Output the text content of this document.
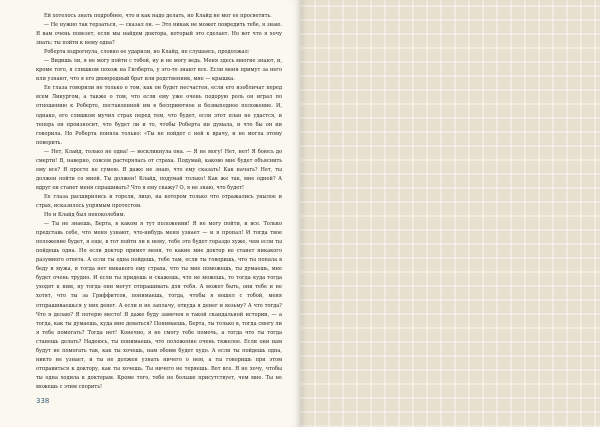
Ей хотелось знать подробнее, что и как надо делать, но Клайд не мог ее просветить.

— Не нужно так терзаться, — сказал он. — Это никак не может повредить тебе, я знаю. Я вам очень повезет, если мы найдем доктора, который это сделает. Но вот что я хочу знать: ты пойти к нему одна?

Роберта вздрогнула, словно ее ударили, но Клайд, не слушаясь, продолжал:

— Видишь ли, я не могу пойти с тобой, ну и не могу ведь. Меня здесь многие знают, и, кроме того, я слишком похож на Гилберта, у эго-то знают все. Если меня примут за него или узнают, что я его двоюродный брат или родственник, мне — крышка.

Ее глаза говорили не только о том, как он будет несчастен, если его изобличат перед всем Ликургом, а также о том, что если ему уже очень подорую роль он играл по отношению к Роберте, поставленной им в бесприютное и безвыходное положение. И, однако, его слишком мучил страх перед тем, что будет, если этот план не удастся, и теперь он произносит, что будет ли и то, чтобы Роберта ни думала, и что бы он ни говорила. Но Роберта поняла только: «Ты не пойдет с ней к врачу, и не могла этому поверить.

— Нет, Клайд, только не одна! — воскликнула она. — Я не могу! Нет, нет! Я боюсь до смерти! Я, наверно, совсем растерялась от страха. Подумай, каково мне будет объяснить ему все? Я просто не сумею. Я даже не знаю, что ему сказать! Как начать? Нет, ты должен пойти со мной. Ты должен! Клайд, подумай только! Как же так, мне одной? А вдруг он станет меня спрашивать? Что я ему скажу? О, я не знаю, что будет!

Ее глаза расширились и горели, лицо, на котором только что отражались унылое и страх, исказилось упрямым протестом.

Но и Клайд был непоколебим.

— Ты не знаешь, Берта, в каком я тут положении! Я не могу пойти, и все. Только представь себе, что меня узнают, что-нибудь меня узнает — и я пропал! И тогда твое положение будет, я еще, в тот пойти ли к нему, тебе это будет гораздо хуже, чем если ты пойдешь одна. Но если доктор примет меня, то какие мне доктор не станет никакого разумного ответа. А если ты одна пойдешь, тебе там, если ты говоришь, что ты попала в беду и мужа, и тогда нет никакого ему страха, что ты мне поможешь, ты думаешь, мне будет очень трудно. И если ты придешь и скажешь, что не можешь, то тогда куда тогда уходят к ним, ну тогда они могут отпрашивать для тебя. А может быть, они тебе и не хотят, что ты за Гриффитсов, понимаешь, тогда, чтобы я вошел с тобой, меня отпрашиваешься у них денег. А если и не заплачу, откуда я денег и возьму? А что тогда? Что я делаю? Я потерю место! Я даже буду замечен в такой скандальной истории, — а тогда, как ты думаешь, куда мне деваться? Понимаешь, Берта, ты только в, тогда смогу ли я тебе помогать? Тогда нет! Конечно, я не смогу тебе помочь, а тогда что ты тогда станешь делать? Надеюсь, ты понимаешь, что положение очень тяжелое. Если они нам будут не помогать так, как ты хочешь, нам обоим будет худо. А если ты пойдешь одна, никто не узнает, и ты не должен узнать ничего о нем, а ты говоришь при этом отправиться к доктору, как ты хочешь. Ты ничего не теряешь. Вот все. Я не хочу, чтобы ты одна ходила к докторам. Кроме того, тебе не больше присутствует, чем мне. Ты не можешь с этим спорить!

338
